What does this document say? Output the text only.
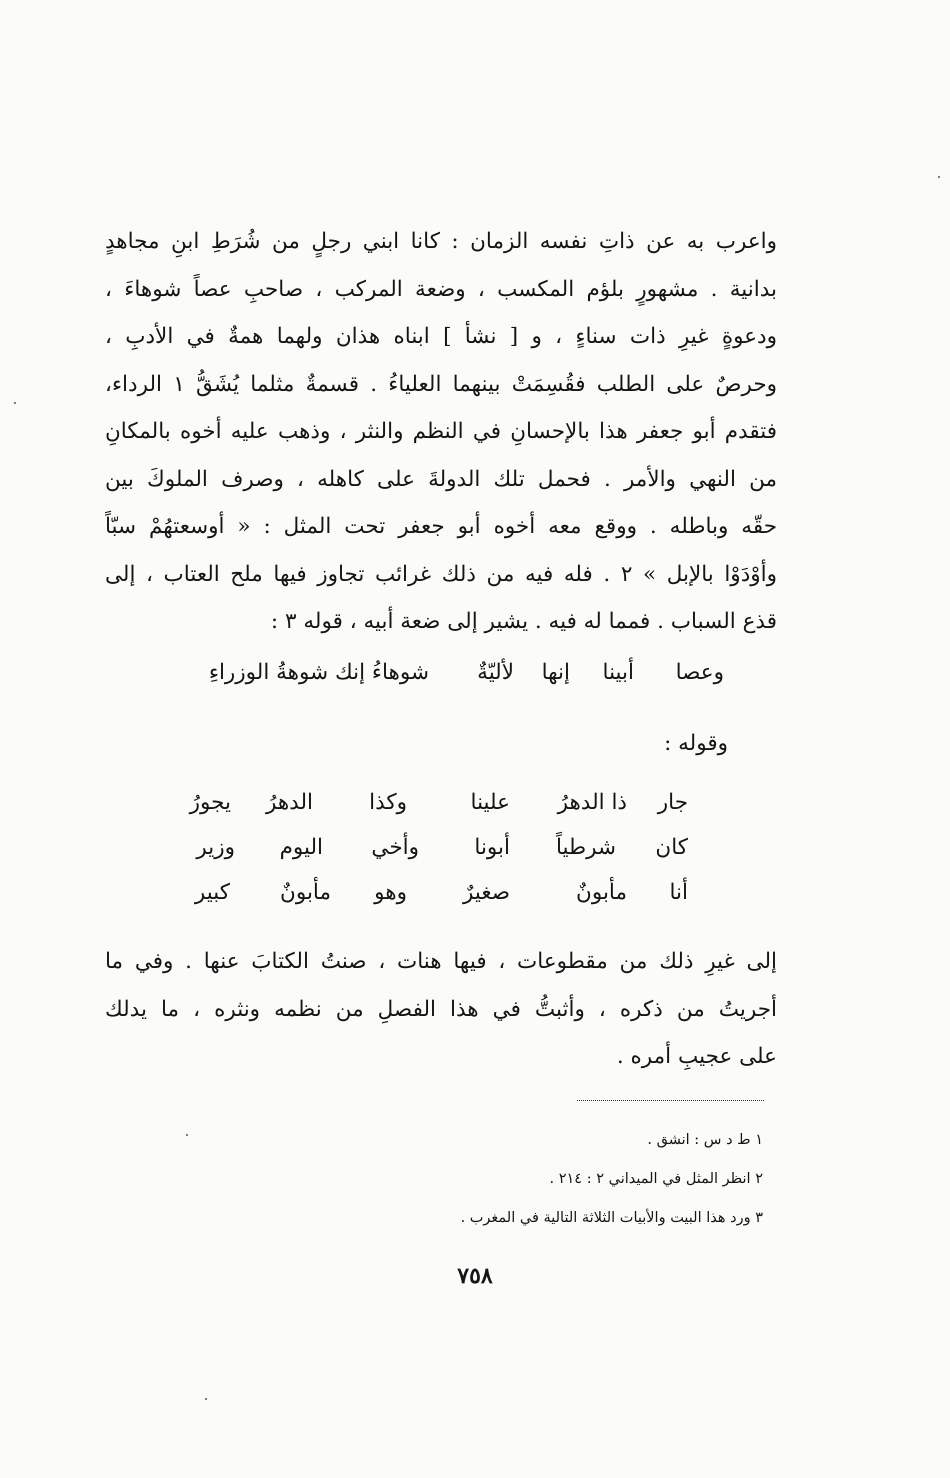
واعرب به عن ذاتِ نفسه الزمان : كانا ابني رجلٍ من شُرَطِ ابنِ مجاهدٍ
بدانية . مشهورٍ بلؤم المكسب ، وضعة المركب ، صاحبِ عصاً شوهاءَ ،
ودعوةٍ غيرِ ذات سناءٍ ، و [ نشأ ] ابناه هذان ولهما همةٌ في الأدبِ ،
وحرصٌ على الطلب فقُسِمَتْ بينهما العلياءُ . قسمةٌ مثلما يُشَقُّ ١ الرداء،
فتقدم أبو جعفر هذا بالإحسانِ في النظم والنثر ، وذهب عليه أخوه بالمكانِ
من النهي والأمر . فحمل تلك الدولةَ على كاهله ، وصرف الملوكَ بين
حقّه وباطله . ووقع معه أخوه أبو جعفر تحت المثل : « أوسعتهُمْ سبّاً
وأوْدَوْا بالإبل » ٢ . فله فيه من ذلك غرائب تجاوز فيها ملح العتاب ، إلى
قذع السباب . فمما له فيه . يشير إلى ضعة أبيه ، قوله ٣ :
وعصا
أبينا
إنها
لأليّةٌ
شوهاءُ إنك شوهةُ الوزراءِ
وقوله :
جار
ذا الدهرُ
علينا
وكذا
الدهرُ
يجورُ
كان
شرطياً
أبونا
وأخي
اليوم
وزير
أنا
مأبونٌ
صغيرٌ
وهو
مأبونٌ
كبير
إلى غيرِ ذلك من مقطوعات ، فيها هنات ، صنتُ الكتابَ عنها . وفي ما
أجريتُ من ذكره ، وأثبتُّ في هذا الفصلِ من نظمه ونثره ، ما يدلك
على عجيبِ أمره .
١ ط د س : انشق .
٢ انظر المثل في الميداني ٢ : ٢١٤ .
٣ ورد هذا البيت والأبيات الثلاثة التالية في المغرب .
٧٥٨
